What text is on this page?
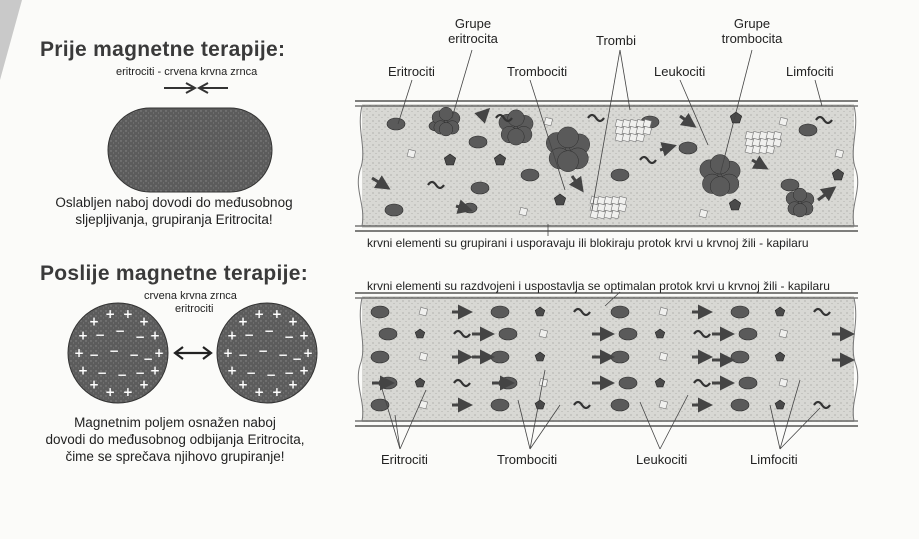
Prije magnetne terapije:
eritrociti - crvena krvna zrnca
Oslabljen naboj dovodi do međusobnog
sljepljivanja, grupiranja Eritrocita!
Poslije magnetne terapije:
crvena krvna zrnca
eritrociti
Magnetnim poljem osnažen naboj
dovodi do međusobnog odbijanja Eritrocita,
čime se sprečava njihovo grupiranje!
Grupe
eritrocita	Trombi
Grupe
trombocita
Eritrociti	Trombociti	Leukociti	Limfociti
krvni elementi su grupirani i usporavaju ili blokiraju protok krvi u krvnoj žili - kapilaru
krvni elementi su razdvojeni i uspostavlja se optimalan protok krvi u krvnoj žili - kapilaru
Eritrociti	Trombociti	Leukociti	Limfociti
+
+
+
+
+
+
+
+
+
+
+ +
+
+
− − −
− − − −
− − −
+
+
+
+
+
+
+
+
+
+
+ +
+
+
− − −
− − − −
− − −
